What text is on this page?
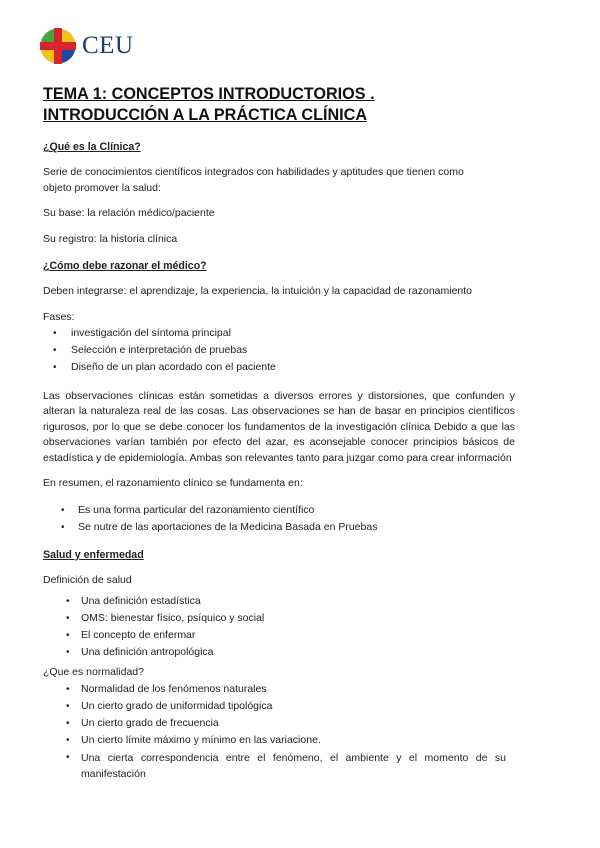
CEU
TEMA 1: CONCEPTOS INTRODUCTORIOS .
INTRODUCCIÓN A LA PRÁCTICA CLÍNICA
¿Qué es la Clínica?

Serie de conocimientos científicos integrados con habilidades y aptitudes que tienen como objeto promover la salud:

Su base: la relación médico/paciente

Su registro: la historia clínica

¿Cómo debe razonar el médico?

Deben integrarse: el aprendizaje, la experiencia, la intuición y la capacidad de razonamiento

Fases:

• investigación del síntoma principal
• Selección e interpretación de pruebas
• Diseño de un plan acordado con el paciente

Las observaciones clínicas están sometidas a diversos errores y distorsiones, que confunden y alteran la naturaleza real de las cosas. Las observaciones se han de basar en principios científicos rigurosos, por lo que se debe conocer los fundamentos de la investigación clínica Debido a que las observaciones varían también por efecto del azar, es aconsejable conocer principios básicos de estadística y de epidemiología. Ambas son relevantes tanto para juzgar como para crear información

En resumen, el razonamiento clínico se fundamenta en:

• Es una forma particular del razonamiento científico
• Se nutre de las aportaciones de la Medicina Basada en Pruebas
Salud y enfermedad

Definición de salud

• Una definición estadística
• OMS: bienestar físico, psíquico y social
• El concepto de enfermar
• Una definición antropológica

¿Que es normalidad?

• Normalidad de los fenómenos naturales
• Un cierto grado de uniformidad tipológica
• Un cierto grado de frecuencia
• Un cierto límite máximo y mínimo en las variacione.
• Una cierta correspondencia entre el fenómeno, el ambiente y el momento de su manifestación
